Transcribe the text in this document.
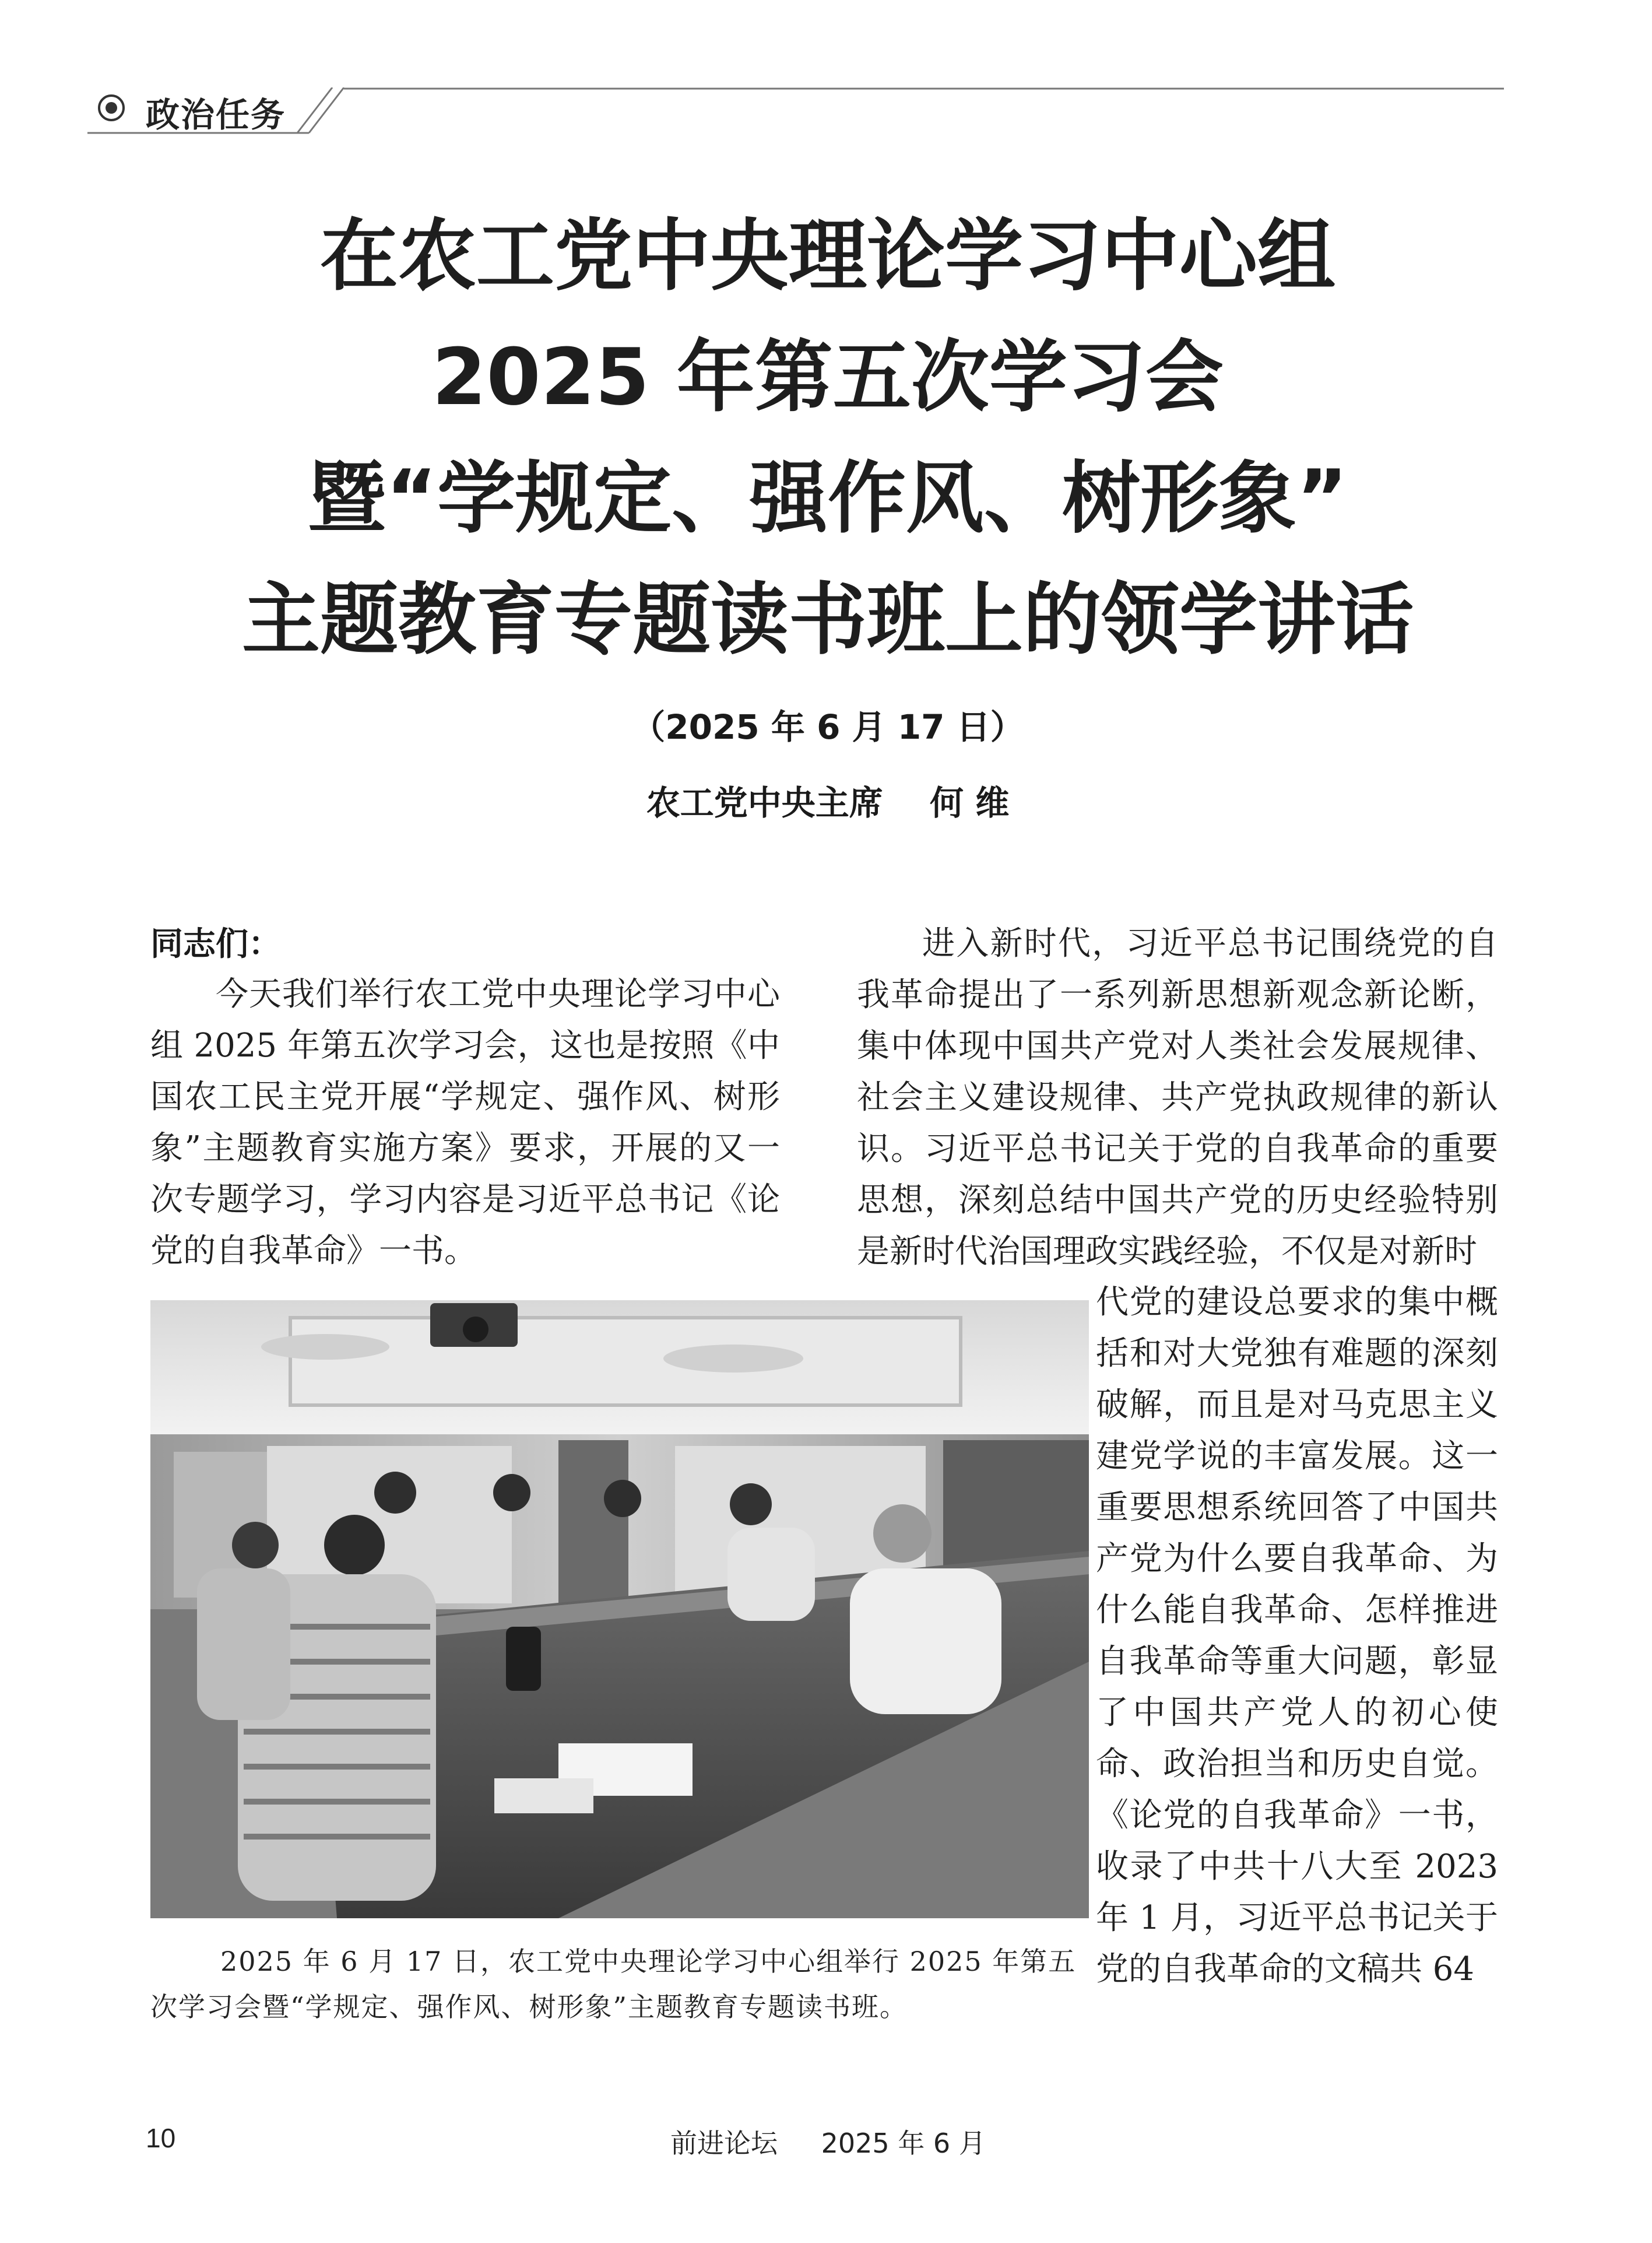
政治任务
在农工党中央理论学习中心组
2025 年第五次学习会
暨“学规定、强作风、树形象”
主题教育专题读书班上的领学讲话
（2025 年 6 月 17 日）
农工党中央主席 何 维
同志们：
今天我们举行农工党中央理论学习中心组 2025 年第五次学习会，这也是按照《中国农工民主党开展“学规定、强作风、树形象”主题教育实施方案》要求，开展的又一次专题学习，学习内容是习近平总书记《论党的自我革命》一书。
进入新时代，习近平总书记围绕党的自我革命提出了一系列新思想新观念新论断，集中体现中国共产党对人类社会发展规律、社会主义建设规律、共产党执政规律的新认识。习近平总书记关于党的自我革命的重要思想，深刻总结中国共产党的历史经验特别是新时代治国理政实践经验，不仅是对新时
代党的建设总要求的集中概括和对大党独有难题的深刻破解，而且是对马克思主义建党学说的丰富发展。这一重要思想系统回答了中国共产党为什么要自我革命、为什么能自我革命、怎样推进自我革命等重大问题，彰显了中国共产党人的初心使命、政治担当和历史自觉。《论党的自我革命》一书，收录了中共十八大至 2023 年 1 月，习近平总书记关于党的自我革命的文稿共 64
2025 年 6 月 17 日，农工党中央理论学习中心组举行 2025 年第五次学习会暨“学规定、强作风、树形象”主题教育专题读书班。
10	前进论坛 2025 年 6 月
